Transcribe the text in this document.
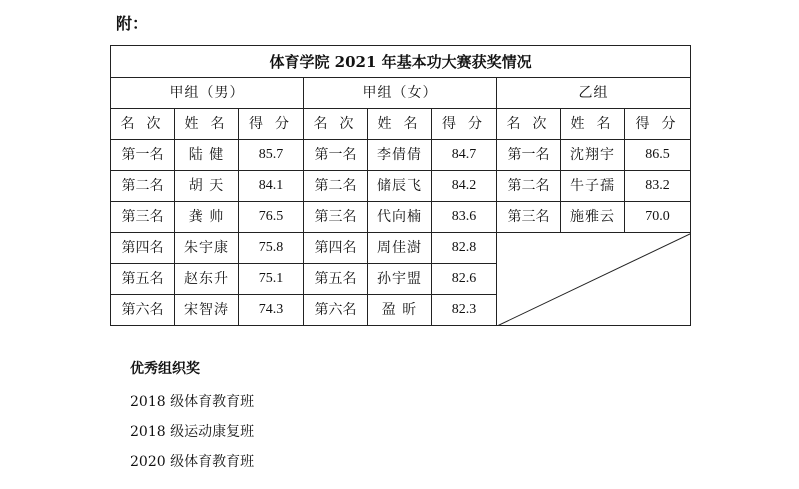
附：
体育学院 2021 年基本功大赛获奖情况								
甲组（男）			甲组（女）			乙组		
名次	姓名	得分	名次	姓名	得分	名次	姓名	得分
第一名	陆 健	85.7	第一名	李倩倩	84.7	第一名	沈翔宇	86.5
第二名	胡 天	84.1	第二名	储辰飞	84.2	第二名	牛子孺	83.2
第三名	龚 帅	76.5	第三名	代向楠	83.6	第三名	施雅云	70.0
第四名	朱宇康	75.8	第四名	周佳澍	82.8	

第五名	赵东升	75.1	第五名	孙宇盟	82.6			
第六名	宋智涛	74.3	第六名	盈 昕	82.3			
优秀组织奖
2018 级体育教育班
2018 级运动康复班
2020 级体育教育班
